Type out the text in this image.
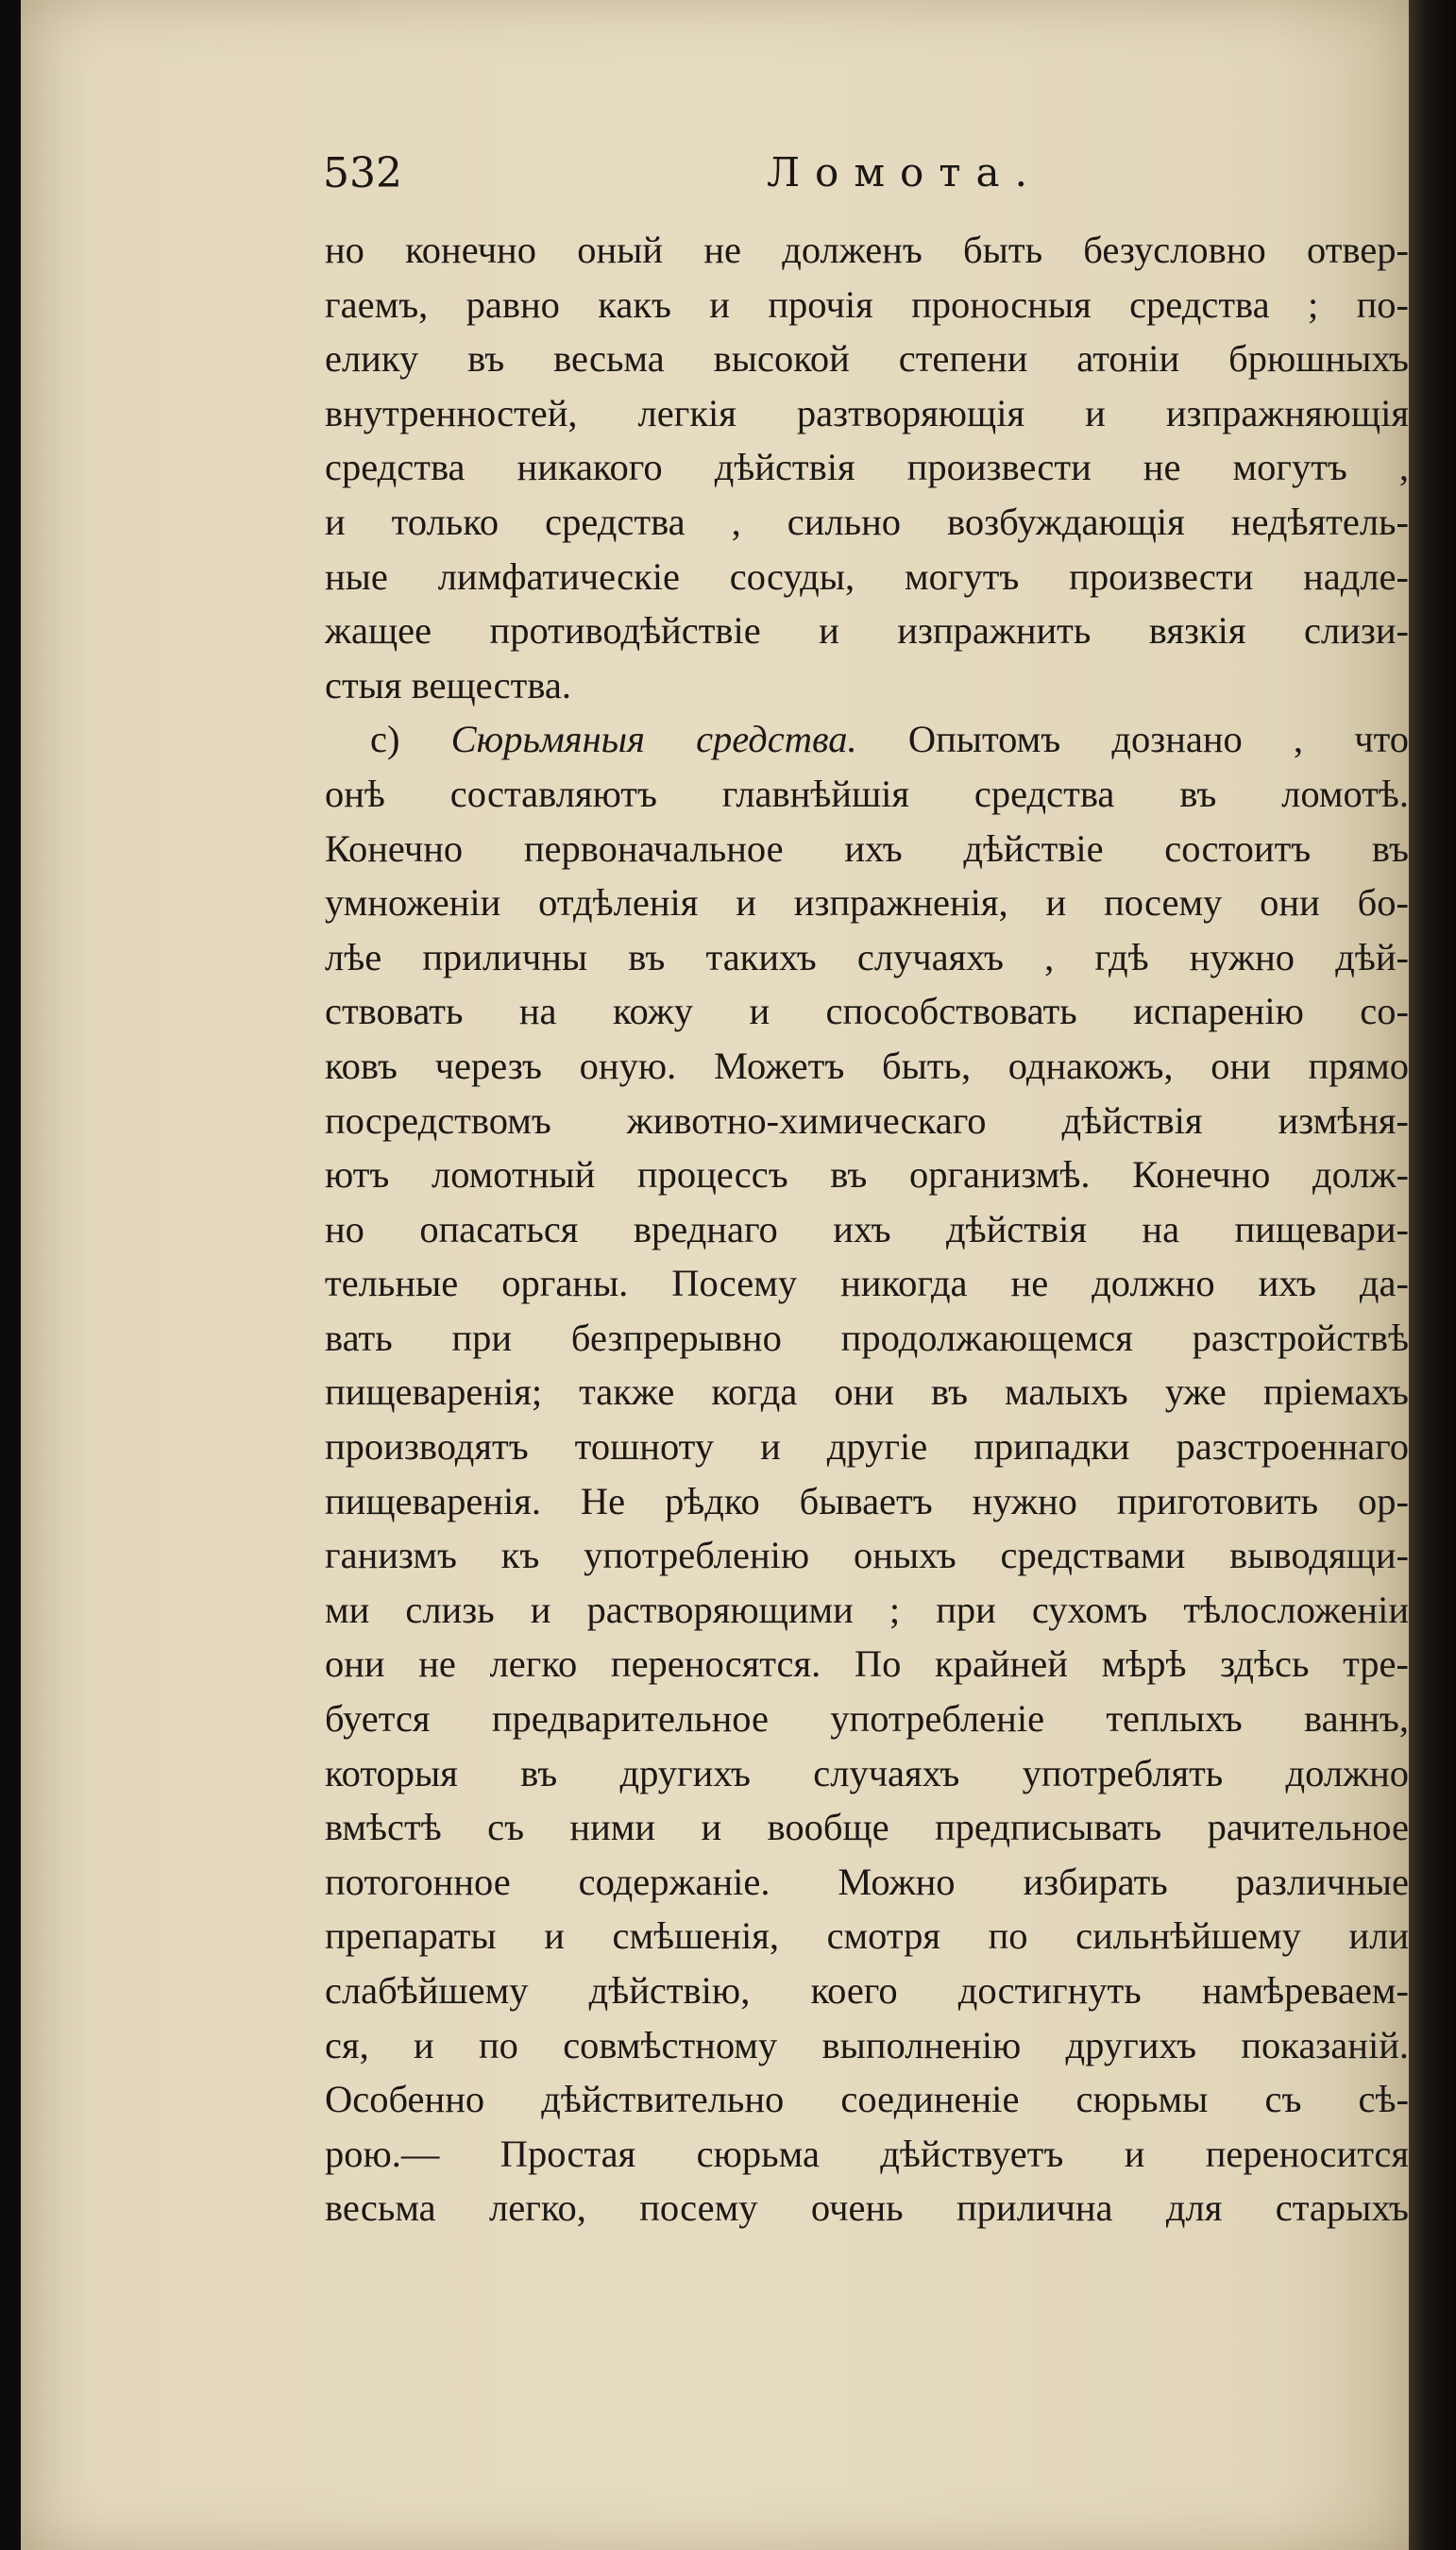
532	Ломота.
но конечно оный не долженъ быть безусловно отвер-
гаемъ, равно какъ и прочія проносныя средства ; по-
елику въ весьма высокой степени атоніи брюшныхъ
внутренностей, легкія разтворяющія и изпражняющія
средства никакого дѣйствія произвести не могутъ ,
и только средства , сильно возбуждающія недѣятель-
ные лимфатическіе сосуды, могутъ произвести надле-
жащее противодѣйствіе и изпражнить вязкія слизи-
стыя вещества.
c) Сюрьмяныя средства. Опытомъ дознано , что
онѣ составляютъ главнѣйшія средства въ ломотѣ.
Конечно первоначальное ихъ дѣйствіе состоитъ въ
умноженіи отдѣленія и изпражненія, и посему они бо-
лѣе приличны въ такихъ случаяхъ , гдѣ нужно дѣй-
ствовать на кожу и способствовать испаренію со-
ковъ черезъ оную. Можетъ быть, однакожъ, они прямо
посредствомъ животно-химическаго дѣйствія измѣня-
ютъ ломотный процессъ въ организмѣ. Конечно долж-
но опасаться вреднаго ихъ дѣйствія на пищевари-
тельные органы. Посему никогда не должно ихъ да-
вать при безпрерывно продолжающемся разстройствѣ
пищеваренія; также когда они въ малыхъ уже пріемахъ
производятъ тошноту и другіе припадки разстроеннаго
пищеваренія. Не рѣдко бываетъ нужно приготовить ор-
ганизмъ къ употребленію оныхъ средствами выводящи-
ми слизь и растворяющими ; при сухомъ тѣлосложеніи
они не легко переносятся. По крайней мѣрѣ здѣсь тре-
буется предварительное употребленіе теплыхъ ваннъ,
которыя въ другихъ случаяхъ употреблять должно
вмѣстѣ съ ними и вообще предписывать рачительное
потогонное содержаніе. Можно избирать различные
препараты и смѣшенія, смотря по сильнѣйшему или
слабѣйшему дѣйствію, коего достигнуть намѣреваем-
ся, и по совмѣстному выполненію другихъ показаній.
Особенно дѣйствительно соединеніе сюрьмы съ сѣ-
рою.— Простая сюрьма дѣйствуетъ и переносится
весьма легко, посему очень прилична для старыхъ
